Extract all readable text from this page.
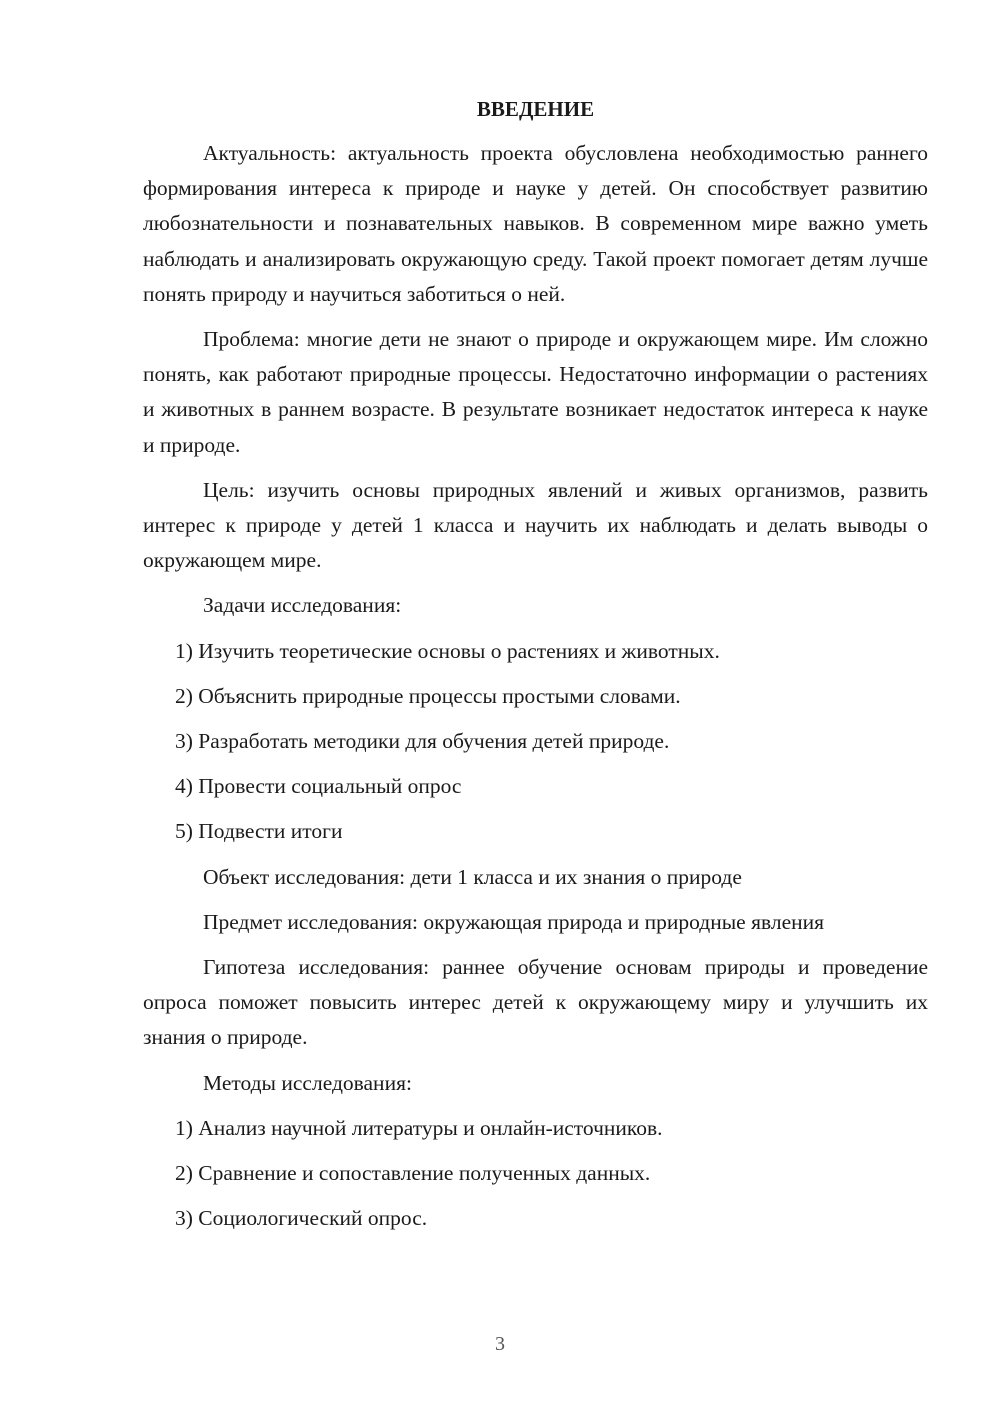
ВВЕДЕНИЕ

Актуальность: актуальность проекта обусловлена необходимостью раннего формирования интереса к природе и науке у детей. Он способствует развитию любознательности и познавательных навыков. В современном мире важно уметь наблюдать и анализировать окружающую среду. Такой проект помогает детям лучше понять природу и научиться заботиться о ней.

Проблема: многие дети не знают о природе и окружающем мире. Им сложно понять, как работают природные процессы. Недостаточно информации о растениях и животных в раннем возрасте. В результате возникает недостаток интереса к науке и природе.

Цель: изучить основы природных явлений и живых организмов, развить интерес к природе у детей 1 класса и научить их наблюдать и делать выводы о окружающем мире.

Задачи исследования:

1) Изучить теоретические основы о растениях и животных.
2) Объяснить природные процессы простыми словами.
3) Разработать методики для обучения детей природе.
4) Провести социальный опрос
5) Подвести итоги

Объект исследования: дети 1 класса и их знания о природе

Предмет исследования: окружающая природа и природные явления

Гипотеза исследования: раннее обучение основам природы и проведение опроса поможет повысить интерес детей к окружающему миру и улучшить их знания о природе.

Методы исследования:

1) Анализ научной литературы и онлайн-источников.
2) Сравнение и сопоставление полученных данных.
3) Социологический опрос.
3
